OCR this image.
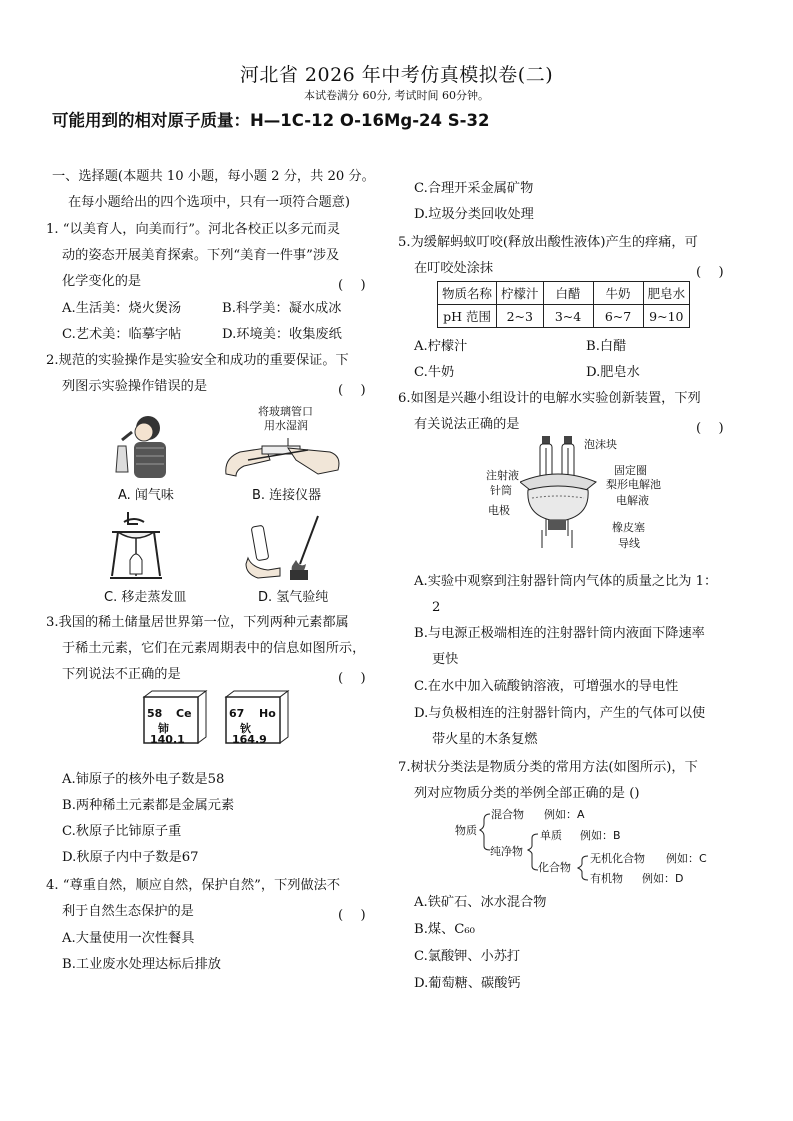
河北省 2026 年中考仿真模拟卷(二)
本试卷满分 60分, 考试时间 60分钟。
可能用到的相对原子质量：H—1C-12 O-16Mg-24 S-32
一、选择题(本题共 10 小题，每小题 2 分，共 20 分。
在每小题给出的四个选项中，只有一项符合题意)
1. “以美育人，向美而行”。河北各校正以多元而灵
动的姿态开展美育探索。下列“美育一件事”涉及
化学变化的是	(　 )
A.生活美：烧火煲汤	B.科学美：凝水成冰
C.艺术美：临摹字帖	D.环境美：收集废纸
2.规范的实验操作是实验安全和成功的重要保证。下
列图示实验操作错误的是	(　 )
A. 闻气味
将玻璃管口
用水湿润
B. 连接仪器
C. 移走蒸发皿	D. 氢气验纯
3.我国的稀土储量居世界第一位，下列两种元素都属
于稀土元素，它们在元素周期表中的信息如图所示，
下列说法不正确的是	(　 )
58 Ce
铈
140.1
67 Ho
钬
164.9
A.铈原子的核外电子数是58
B.两种稀土元素都是金属元素
C.秋原子比铈原子重
D.秋原子内中子数是67
4. “尊重自然，顺应自然，保护自然”，下列做法不
利于自然生态保护的是	(　 )
A.大量使用一次性餐具
B.工业废水处理达标后排放
C.合理开采金属矿物
D.垃圾分类回收处理
5.为缓解蚂蚁叮咬(释放出酸性液体)产生的痒痛，可
在叮咬处涂抹	(　 )
物质名称	柠檬汁	白醋	牛奶	肥皂水
pH 范围	2~3	3~4	6~7	9~10
A.柠檬汁	B.白醋
C.牛奶	D.肥皂水
6.如图是兴趣小组设计的电解水实验创新装置，下列
有关说法正确的是	(　 )
泡沫块
注射液
针筒
固定圈
梨形电解池
电解液
电极
橡皮塞
导线
A.实验中观察到注射器针筒内气体的质量之比为 1：
2
B.与电源正极端相连的注射器针筒内液面下降速率
更快
C.在水中加入硫酸钠溶液，可增强水的导电性
D.与负极相连的注射器针筒内，产生的气体可以使
带火星的木条复燃
7.树状分类法是物质分类的常用方法(如图所示)，下
列对应物质分类的举例全部正确的是 ()
物质
混合物 例如：A
纯净物
单质 例如：B
化合物
无机化合物 例如：C
有机物 例如：D
A.铁矿石、冰水混合物
B.煤、C₆₀
C.氯酸钾、小苏打
D.葡萄糖、碳酸钙
